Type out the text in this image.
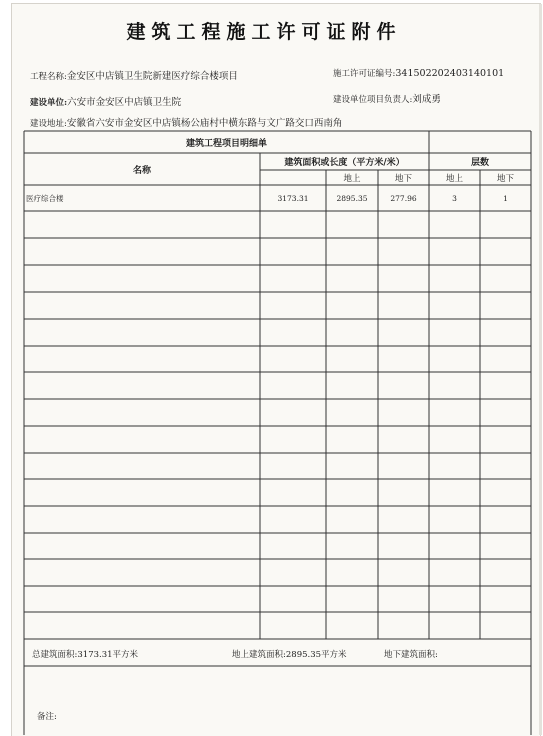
建筑工程施工许可证附件
工程名称:金安区中店镇卫生院新建医疗综合楼项目	施工许可证编号:341502202403140101
建设单位:六安市金安区中店镇卫生院	建设单位项目负责人:刘成勇
建设地址:安徽省六安市金安区中店镇杨公庙村中横东路与文广路交口西南角
建筑工程项目明细单
名称
建筑面积或长度（平方米/米）	层数
地上	地下	地上	地下
医疗综合楼	3173.31	2895.35	277.96	3	1
总建筑面积:3173.31平方米	地上建筑面积:2895.35平方米	地下建筑面积:
备注:
